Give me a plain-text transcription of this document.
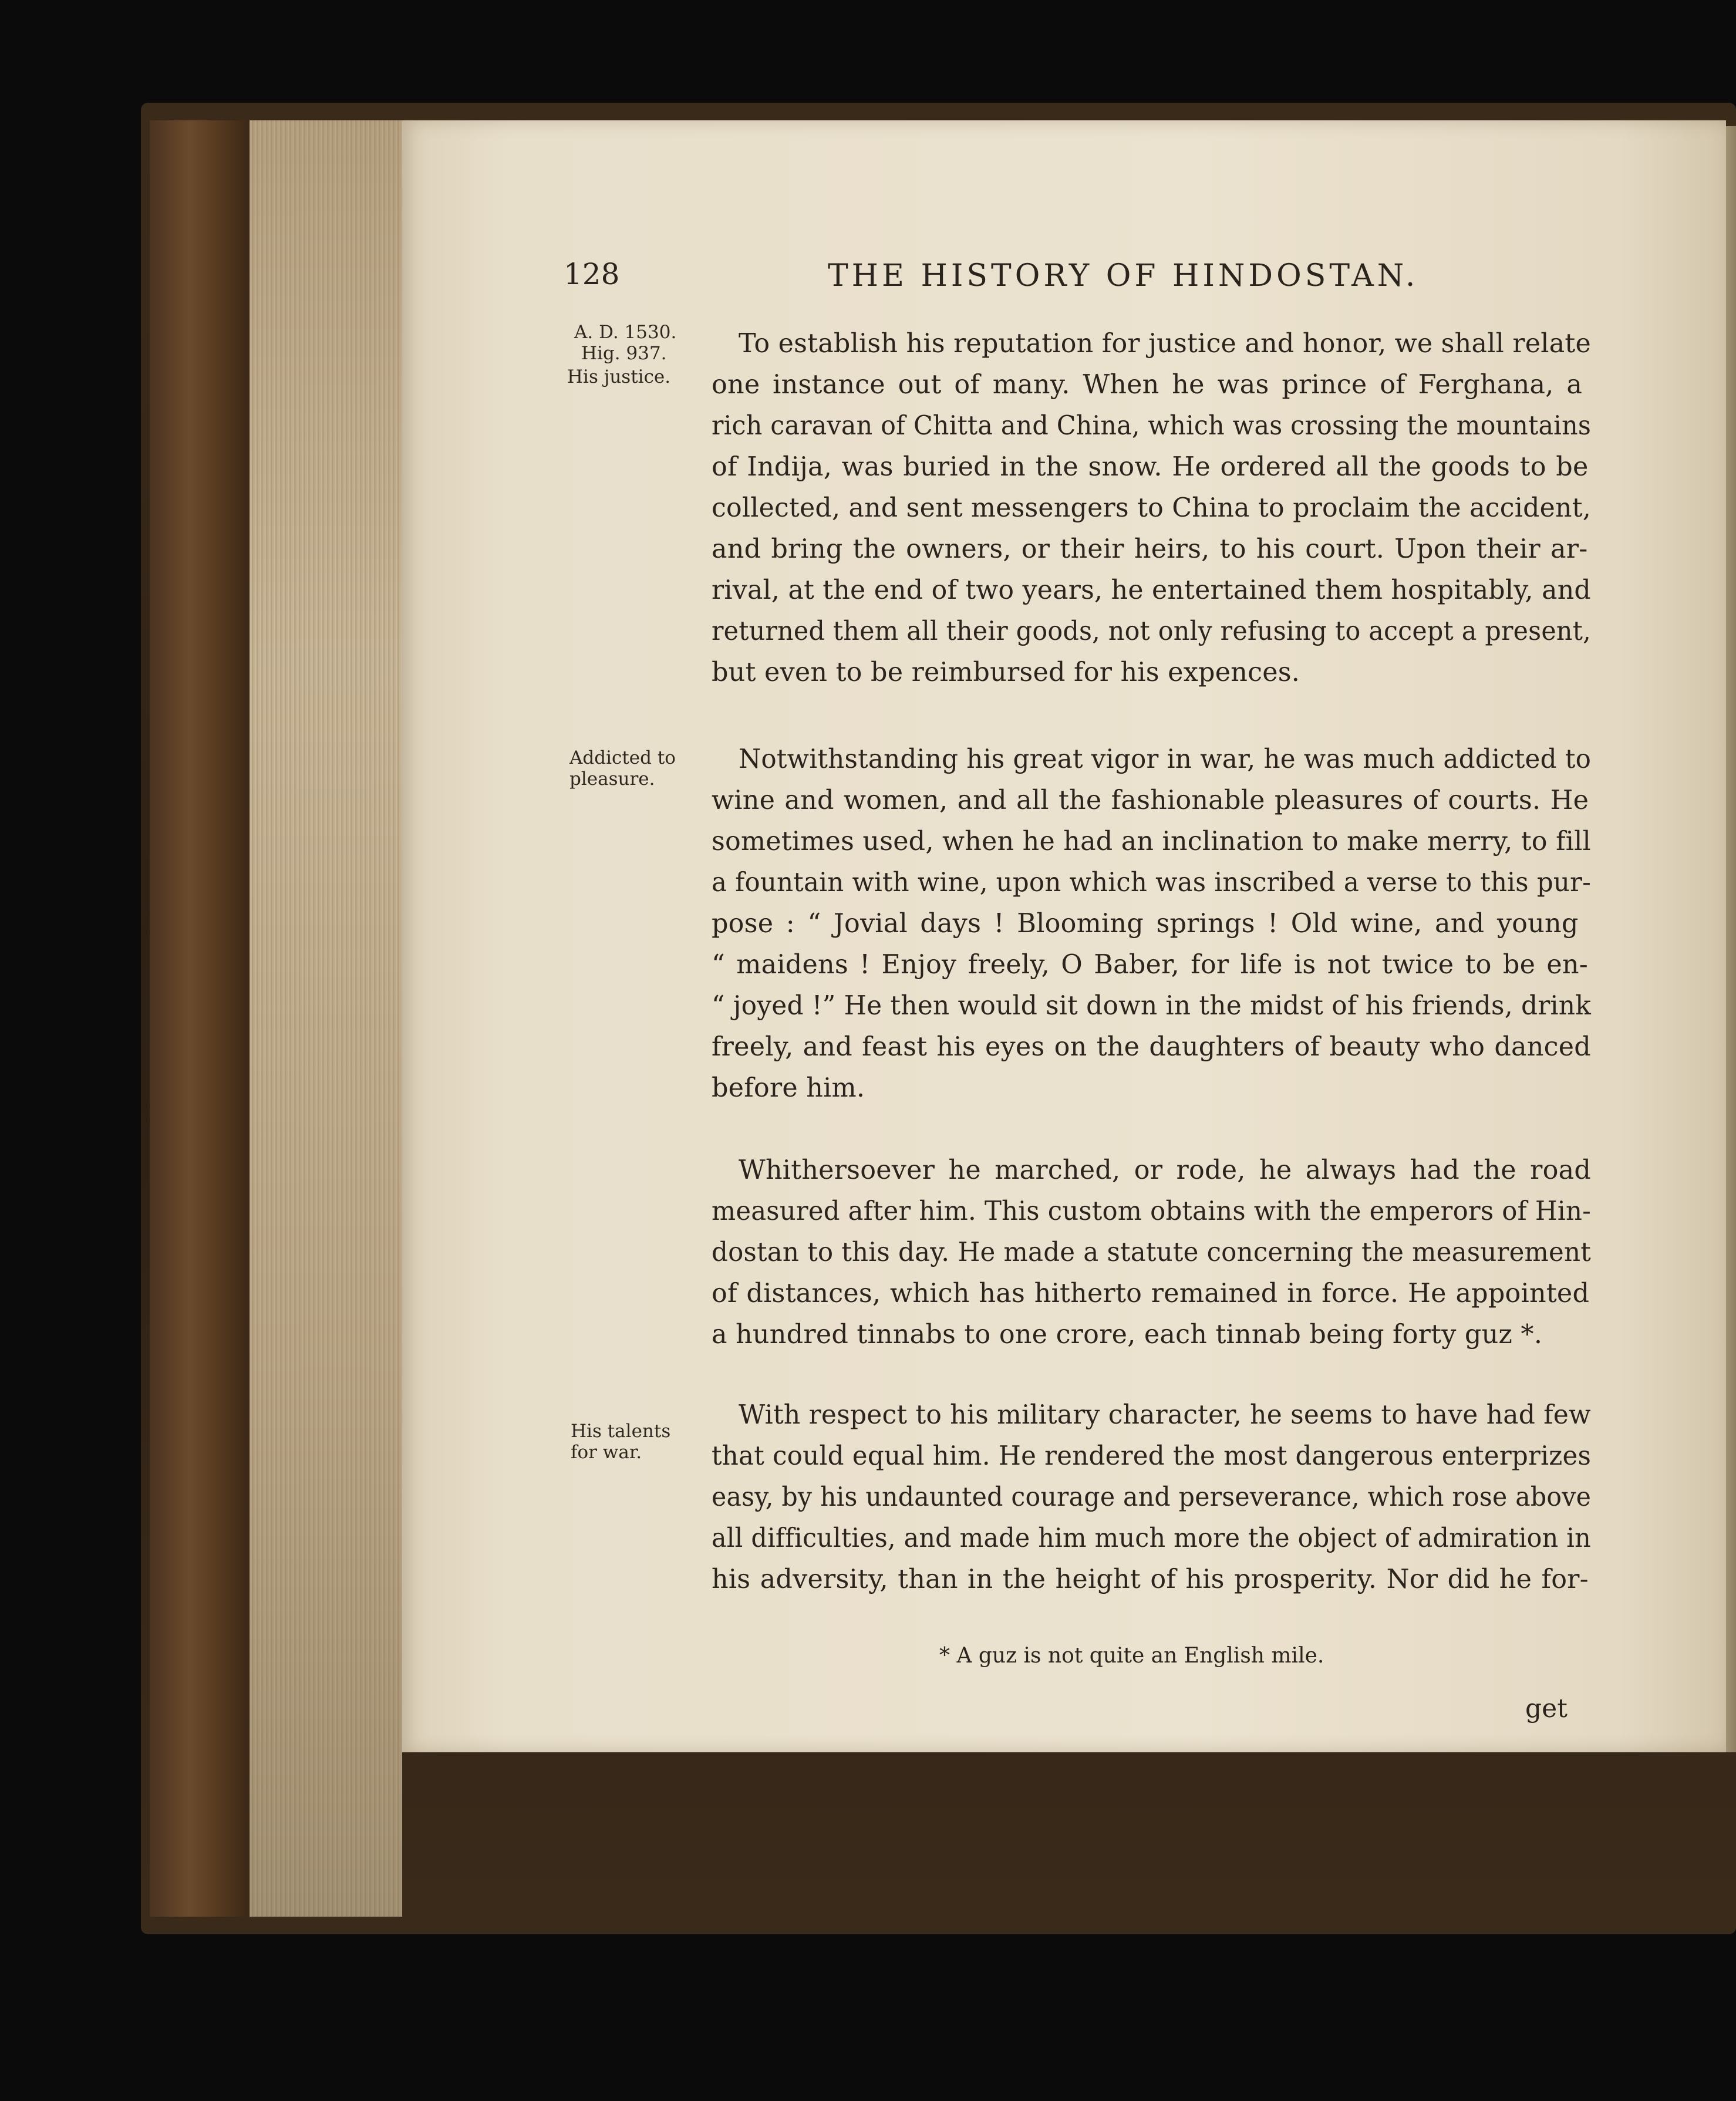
128	THE HISTORY OF HINDOSTAN.
A. D. 1530.
Hig. 937.
His justice.
Addicted to
pleasure.
His talents
for war.
To establish his reputation for justice and honor, we shall relate
one instance out of many. When he was prince of Ferghana, a
rich caravan of Chitta and China, which was crossing the mountains
of Indija, was buried in the snow. He ordered all the goods to be
collected, and sent messengers to China to proclaim the accident,
and bring the owners, or their heirs, to his court. Upon their ar-
rival, at the end of two years, he entertained them hospitably, and
returned them all their goods, not only refusing to accept a present,
but even to be reimbursed for his expences.
Notwithstanding his great vigor in war, he was much addicted to
wine and women, and all the fashionable pleasures of courts. He
sometimes used, when he had an inclination to make merry, to fill
a fountain with wine, upon which was inscribed a verse to this pur-
pose : “ Jovial days ! Blooming springs ! Old wine, and young
“ maidens ! Enjoy freely, O Baber, for life is not twice to be en-
“ joyed !” He then would sit down in the midst of his friends, drink
freely, and feast his eyes on the daughters of beauty who danced
before him.
Whithersoever he marched, or rode, he always had the road
measured after him. This custom obtains with the emperors of Hin-
dostan to this day. He made a statute concerning the measurement
of distances, which has hitherto remained in force. He appointed
a hundred tinnabs to one crore, each tinnab being forty guz *.
With respect to his military character, he seems to have had few
that could equal him. He rendered the most dangerous enterprizes
easy, by his undaunted courage and perseverance, which rose above
all difficulties, and made him much more the object of admiration in
his adversity, than in the height of his prosperity. Nor did he for-
* A guz is not quite an English mile.
get
